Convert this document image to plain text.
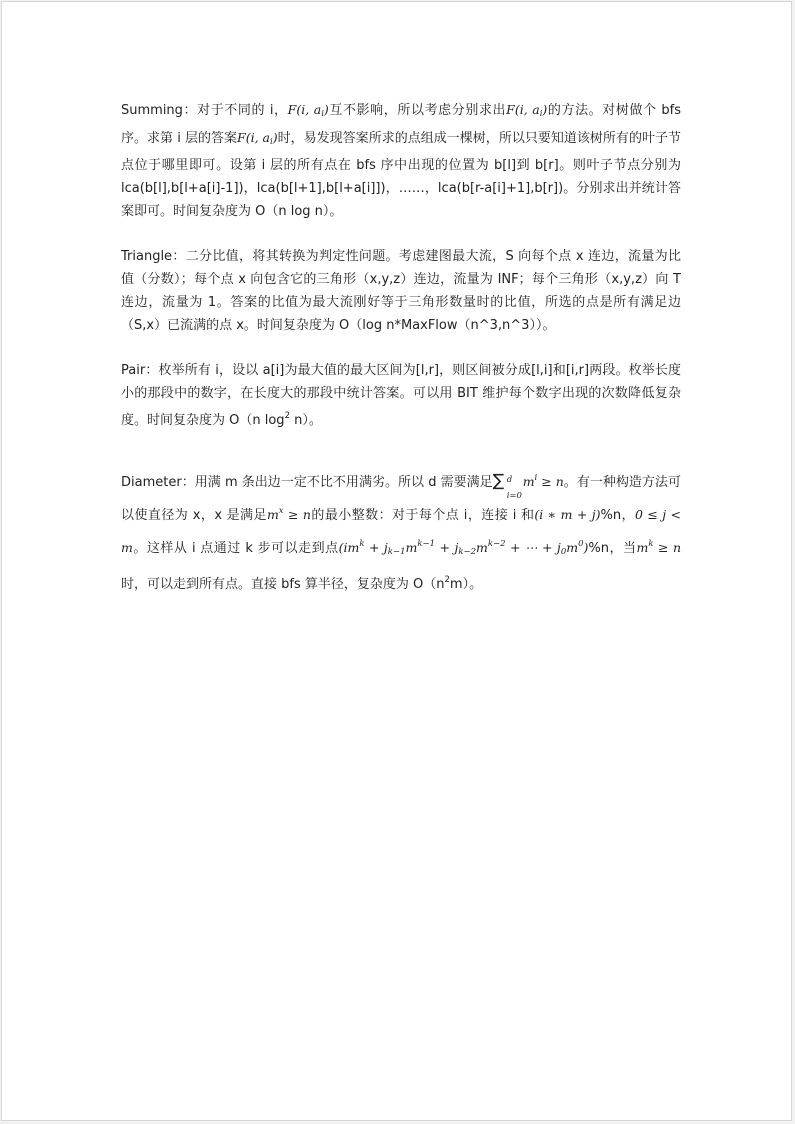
Summing：对于不同的 i，F(i, $a_i$)互不影响，所以考虑分别求出F(i, $a_i$)的方法。对树做个 bfs序。求第 i 层的答案F(i, $a_i$)时，易发现答案所求的点组成一棵树，所以只要知道该树所有的叶子节点位于哪里即可。设第 i 层的所有点在 bfs 序中出现的位置为 b[l]到 b[r]。则叶子节点分别为 lca(b[l],b[l+a[i]-1])，lca(b[l+1],b[l+a[i]])，……，lca(b[r-a[i]+1],b[r])。分别求出并统计答案即可。时间复杂度为 O（n log n）。

Triangle：二分比值，将其转换为判定性问题。考虑建图最大流，S 向每个点 x 连边，流量为比值（分数）；每个点 x 向包含它的三角形（x,y,z）连边，流量为 INF；每个三角形（x,y,z）向 T 连边，流量为 1。答案的比值为最大流刚好等于三角形数量时的比值，所选的点是所有满足边（S,x）已流满的点 x。时间复杂度为 O（log n*MaxFlow（n^3,n^3））。

Pair：枚举所有 i，设以 a[i]为最大值的最大区间为[l,r]，则区间被分成[l,i]和[i,r]两段。枚举长度小的那段中的数字，在长度大的那段中统计答案。可以用 BIT 维护每个数字出现的次数降低复杂度。时间复杂度为 O（n $\log^2 n$）。

Diameter：用满 m 条出边一定不比不用满劣。所以 d 需要满足 ∑ d
i=0
$m^i \ge n$。有一种构造方法可以使直径为 x，x 是满足$m^x \ge n$的最小整数：对于每个点 i，连接 i 和(i ∗ m + j)%n，0 ≤ j < m。这样从 i 点通过 k 步可以走到点($im^k + j_{k-1}m^{k-1} + j_{k-2}m^{k-2}$ + ⋯ + $j_0m^0)\%n$，当$m^k \ge n$时，可以走到所有点。直接 bfs 算半径，复杂度为 $O(n^2m)$。
